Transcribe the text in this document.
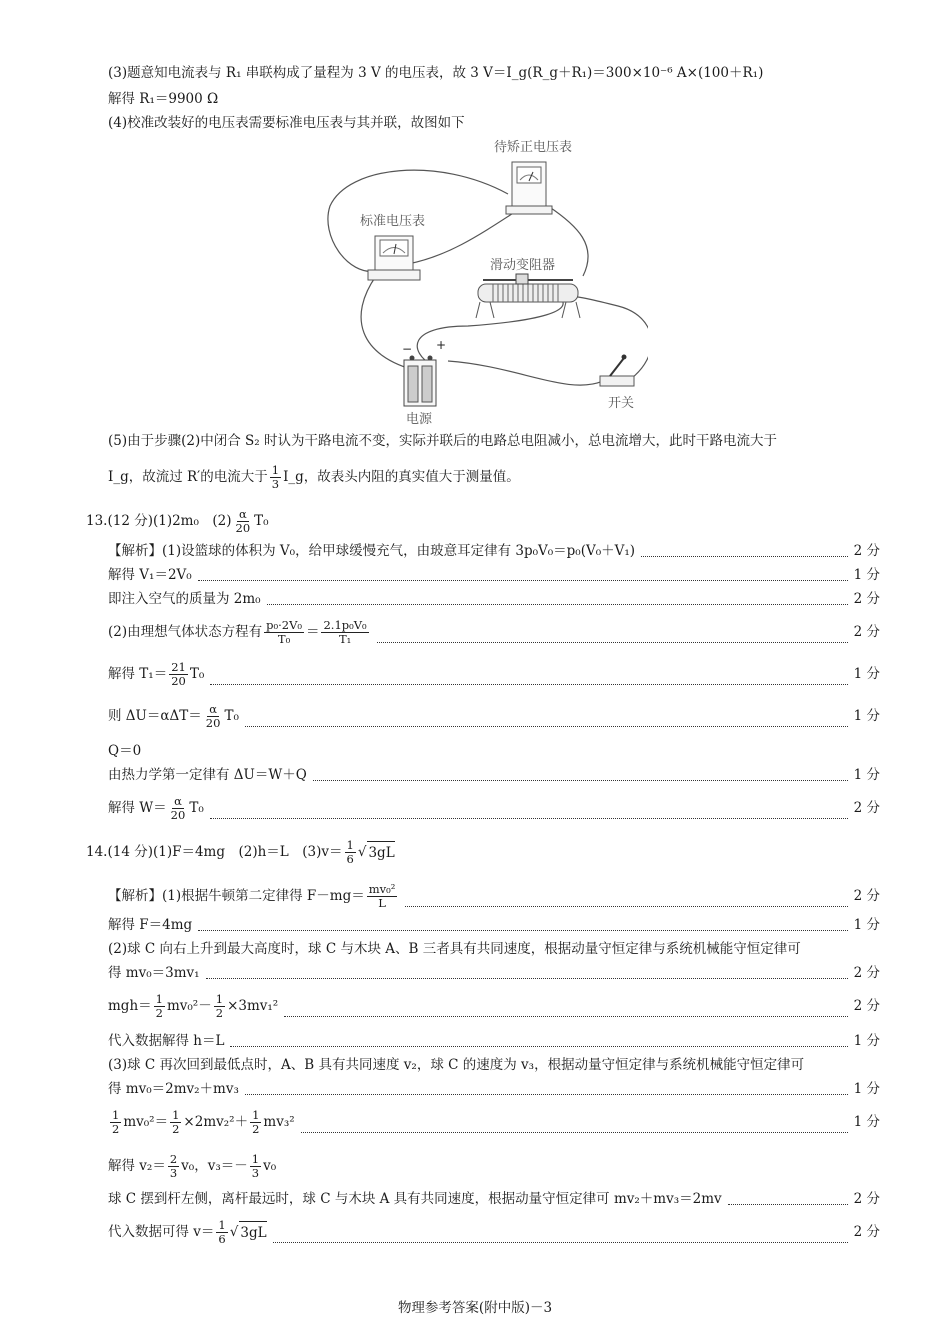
(3)题意知电流表与 R₁ 串联构成了量程为 3 V 的电压表，故 3 V＝I_g(R_g＋R₁)＝300×10⁻⁶ A×(100＋R₁)
解得 R₁＝9900 Ω
(4)校准改装好的电压表需要标准电压表与其并联，故图如下
待矫正电压表
标准电压表
滑动变阻器
电源
开关
− +
(5)由于步骤(2)中闭合 S₂ 时认为干路电流不变，实际并联后的电路总电阻减小，总电流增大，此时干路电流大于
I_g，故流过 R′的电流大于 $\frac{1}{3}$ I_g，故表头内阻的真实值大于测量值。
13.(12 分)(1)2m₀　$(2) \frac{\alpha}{20} T_0$
【解析】(1)设篮球的体积为 V₀，给甲球缓慢充气，由玻意耳定律有 3p₀V₀＝p₀(V₀＋V₁)	2 分
解得 V₁＝2V₀	1 分
即注入空气的质量为 2m₀	2 分
(2)由理想气体状态方程有 $\frac{\text{p₀·2V₀}}{\text{T₀}} = \frac{\text{2.1p₀V₀}}{\text{T₁}}$	2 分
解得 $T_1= \frac{21}{20} T_0$	1 分
则 $\Delta U=\alpha\Delta T= \frac{\alpha}{20} T_0$	1 分
Q＝0
由热力学第一定律有 ΔU＝W＋Q	1 分
解得 $W= \frac{\alpha}{20} T_0$	2 分
14.(14 分)(1)F＝4mg　(2)h＝L　$(3)v= \frac{1}{6}$ √ 3gL
【解析】(1)根据牛顿第二定律得 $F-mg= \frac{\text{mv₀²}}{L}$	2 分
解得 F＝4mg	1 分
(2)球 C 向右上升到最大高度时，球 C 与木块 A、B 三者具有共同速度，根据动量守恒定律与系统机械能守恒定律可
得 mv₀＝3mv₁	2 分
$mgh= \frac{1}{2} mv_0^2- \frac{1}{2} \times 3mv_1^2$	2 分
代入数据解得 h＝L	1 分
(3)球 C 再次回到最低点时，A、B 具有共同速度 v₂，球 C 的速度为 v₃，根据动量守恒定律与系统机械能守恒定律可
得 mv₀＝2mv₂＋mv₃	1 分
$\frac{1}{2} mv_0^2= \frac{1}{2} \times 2mv_2^2+ \frac{1}{2} mv_3^2$	1 分
解得 $v_2= \frac{2}{3} v_0$，$v_3=- \frac{1}{3} v_0$
球 C 摆到杆左侧，离杆最远时，球 C 与木块 A 具有共同速度，根据动量守恒定律可 mv₂＋mv₃＝2mv	2 分
代入数据可得 $v= \frac{1}{6}$ √ 3gL	2 分
物理参考答案(附中版)－3
